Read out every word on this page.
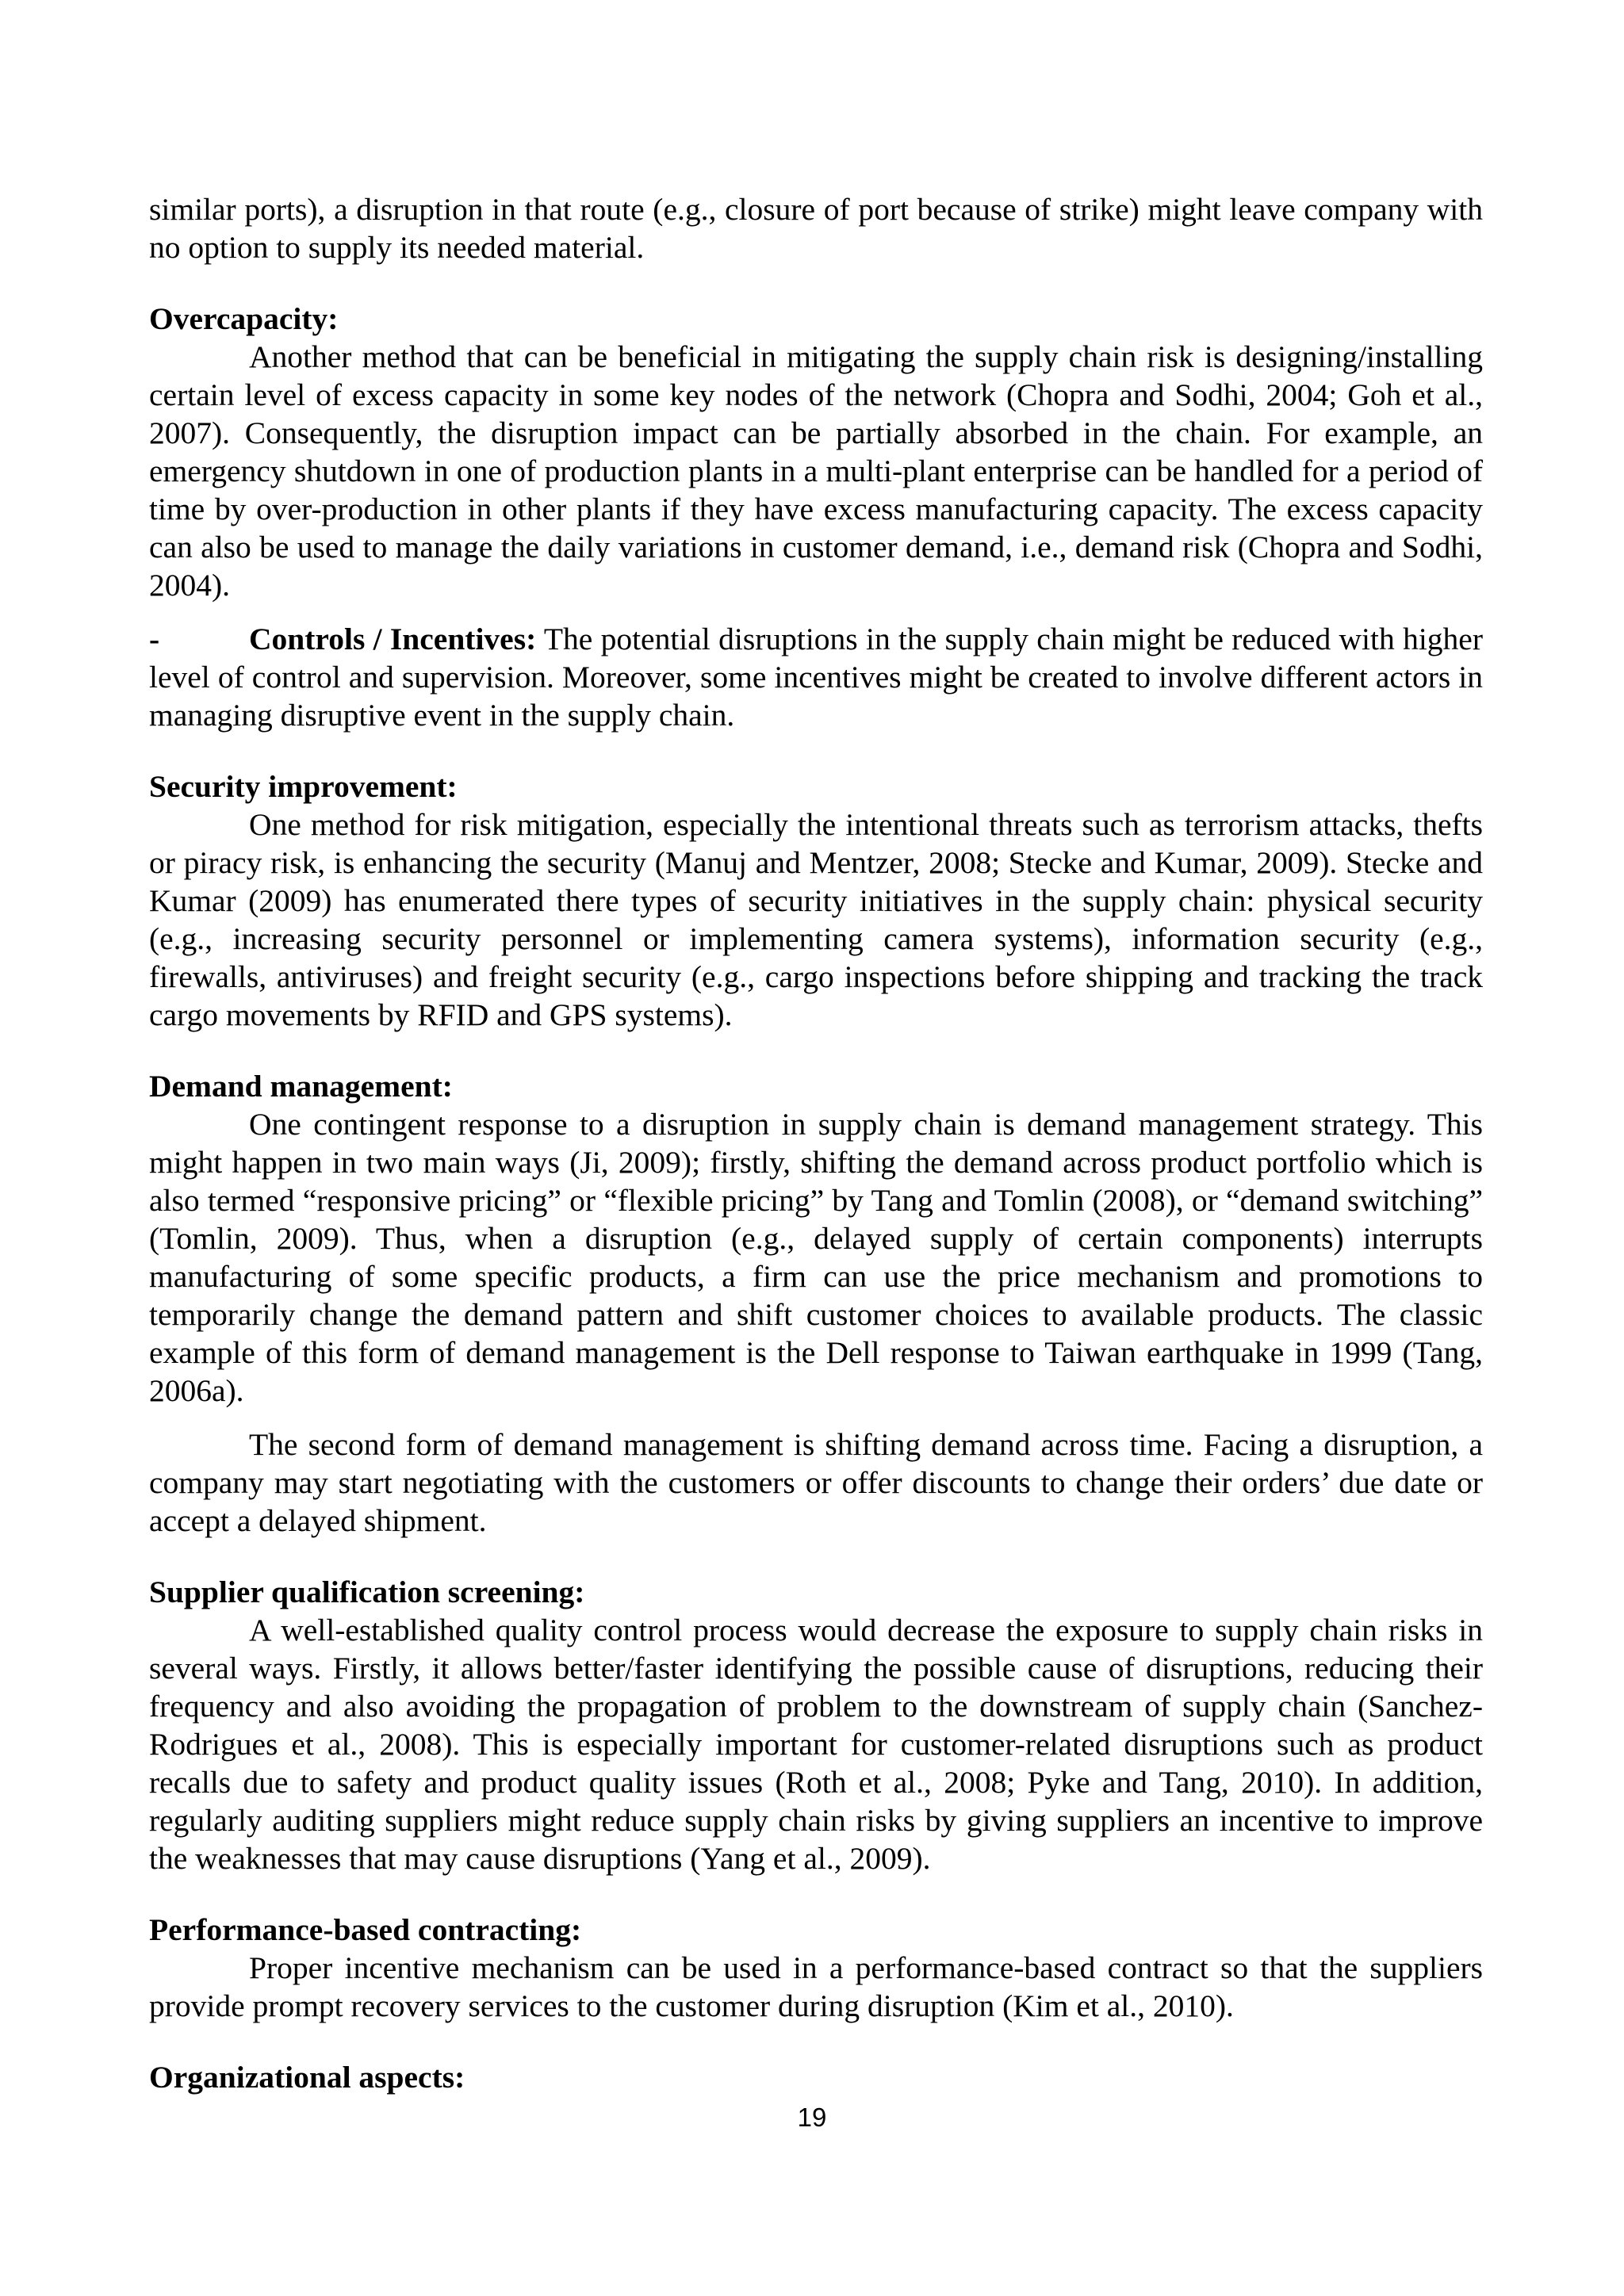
similar ports), a disruption in that route (e.g., closure of port because of strike) might leave company with no option to supply its needed material.

Overcapacity:

Another method that can be beneficial in mitigating the supply chain risk is designing/installing certain level of excess capacity in some key nodes of the network (Chopra and Sodhi, 2004; Goh et al., 2007). Consequently, the disruption impact can be partially absorbed in the chain. For example, an emergency shutdown in one of production plants in a multi-plant enterprise can be handled for a period of time by over-production in other plants if they have excess manufacturing capacity. The excess capacity can also be used to manage the daily variations in customer demand, i.e., demand risk (Chopra and Sodhi, 2004).

-	Controls / Incentives: The potential disruptions in the supply chain might be reduced with higher level of control and supervision. Moreover, some incentives might be created to involve different actors in managing disruptive event in the supply chain.

Security improvement:

One method for risk mitigation, especially the intentional threats such as terrorism attacks, thefts or piracy risk, is enhancing the security (Manuj and Mentzer, 2008; Stecke and Kumar, 2009). Stecke and Kumar (2009) has enumerated there types of security initiatives in the supply chain: physical security (e.g., increasing security personnel or implementing camera systems), information security (e.g., firewalls, antiviruses) and freight security (e.g., cargo inspections before shipping and tracking the track cargo movements by RFID and GPS systems).

Demand management:

One contingent response to a disruption in supply chain is demand management strategy. This might happen in two main ways (Ji, 2009); firstly, shifting the demand across product portfolio which is also termed “responsive pricing” or “flexible pricing” by Tang and Tomlin (2008), or “demand switching” (Tomlin, 2009). Thus, when a disruption (e.g., delayed supply of certain components) interrupts manufacturing of some specific products, a firm can use the price mechanism and promotions to temporarily change the demand pattern and shift customer choices to available products. The classic example of this form of demand management is the Dell response to Taiwan earthquake in 1999 (Tang, 2006a).

The second form of demand management is shifting demand across time. Facing a disruption, a company may start negotiating with the customers or offer discounts to change their orders’ due date or accept a delayed shipment.

Supplier qualification screening:

A well-established quality control process would decrease the exposure to supply chain risks in several ways. Firstly, it allows better/faster identifying the possible cause of disruptions, reducing their frequency and also avoiding the propagation of problem to the downstream of supply chain (Sanchez-Rodrigues et al., 2008). This is especially important for customer-related disruptions such as product recalls due to safety and product quality issues (Roth et al., 2008; Pyke and Tang, 2010). In addition, regularly auditing suppliers might reduce supply chain risks by giving suppliers an incentive to improve the weaknesses that may cause disruptions (Yang et al., 2009).

Performance-based contracting:

Proper incentive mechanism can be used in a performance-based contract so that the suppliers provide prompt recovery services to the customer during disruption (Kim et al., 2010).

Organizational aspects:
19
